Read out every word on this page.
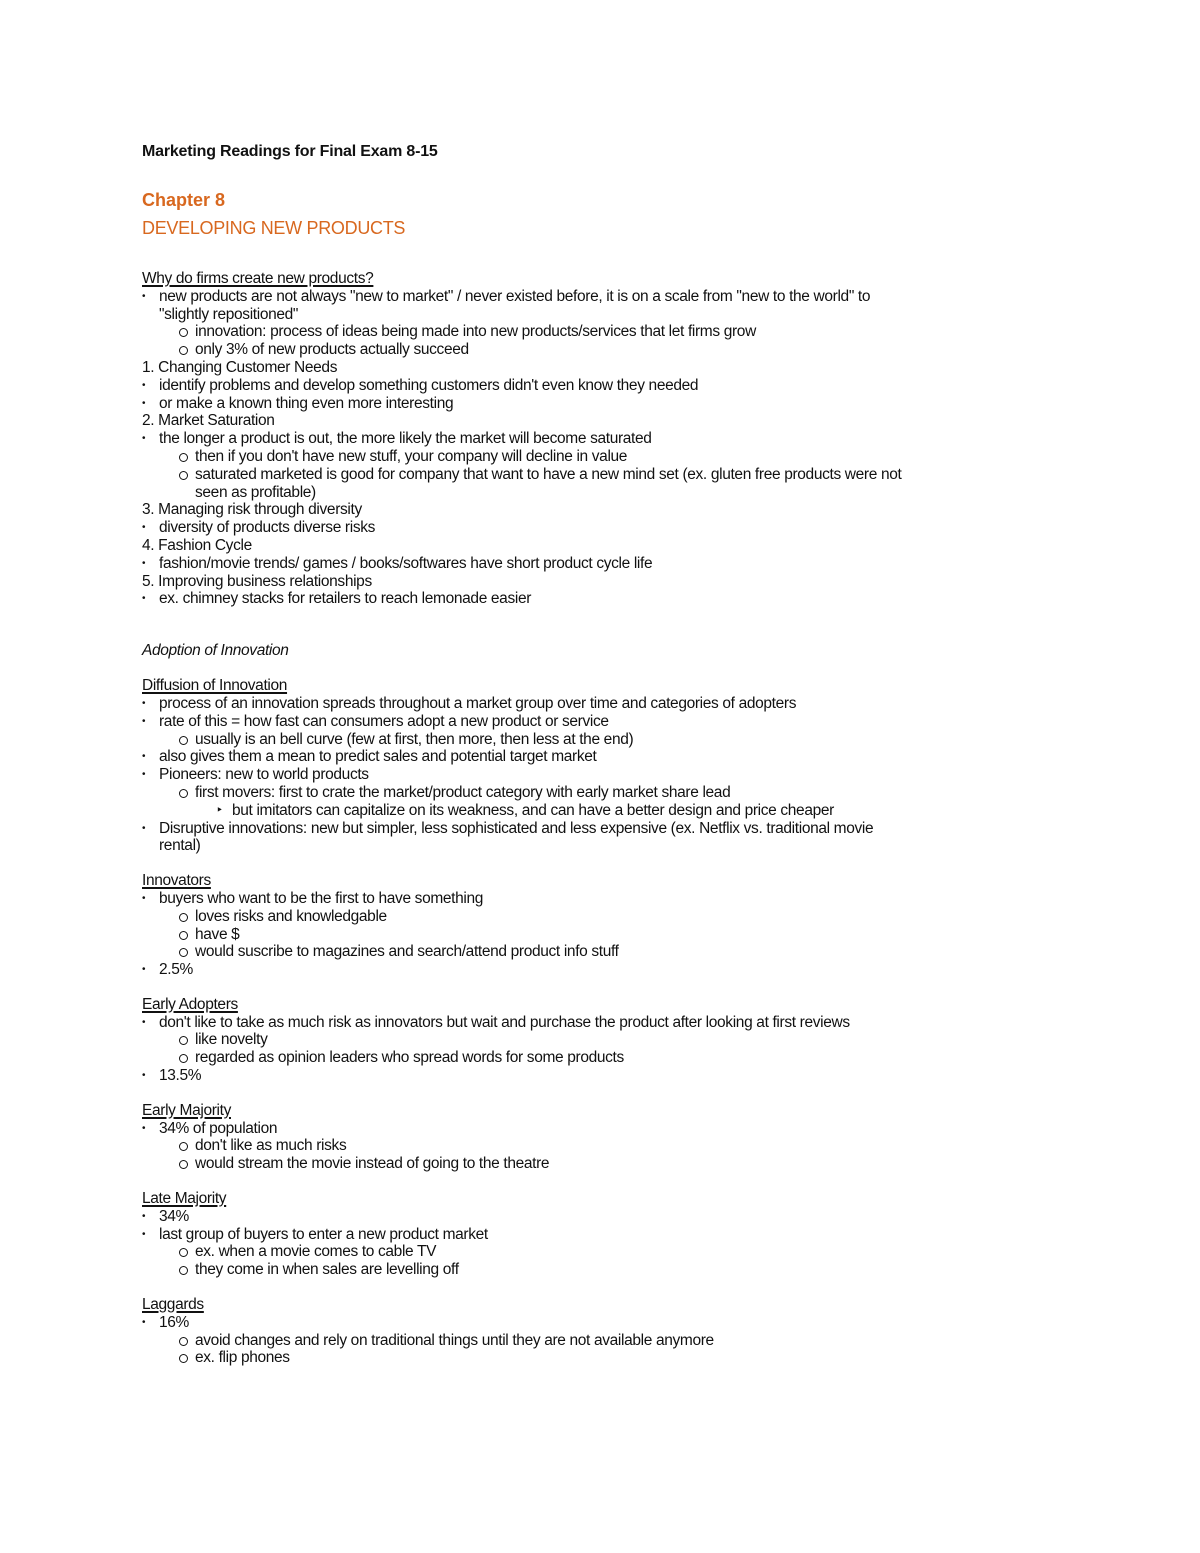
Marketing Readings for Final Exam 8-15
Chapter 8
DEVELOPING NEW PRODUCTS
Why do firms create new products?
• new products are not always "new to market" / never existed before, it is on a scale from "new to the world" to
"slightly repositioned"
innovation: process of ideas being made into new products/services that let firms grow
only 3% of new products actually succeed
1. Changing Customer Needs
• identify problems and develop something customers didn't even know they needed
• or make a known thing even more interesting
2. Market Saturation
• the longer a product is out, the more likely the market will become saturated
then if you don't have new stuff, your company will decline in value
saturated marketed is good for company that want to have a new mind set (ex. gluten free products were not
seen as profitable)
3. Managing risk through diversity
• diversity of products diverse risks
4. Fashion Cycle
• fashion/movie trends/ games / books/softwares have short product cycle life
5. Improving business relationships
• ex. chimney stacks for retailers to reach lemonade easier
Adoption of Innovation
Diffusion of Innovation
• process of an innovation spreads throughout a market group over time and categories of adopters
• rate of this = how fast can consumers adopt a new product or service
usually is an bell curve (few at first, then more, then less at the end)
• also gives them a mean to predict sales and potential target market
• Pioneers: new to world products
first movers: first to crate the market/product category with early market share lead
‣ but imitators can capitalize on its weakness, and can have a better design and price cheaper
• Disruptive innovations: new but simpler, less sophisticated and less expensive (ex. Netflix vs. traditional movie
rental)
Innovators
• buyers who want to be the first to have something
loves risks and knowledgable
have $
would suscribe to magazines and search/attend product info stuff
• 2.5%
Early Adopters
• don't like to take as much risk as innovators but wait and purchase the product after looking at first reviews
like novelty
regarded as opinion leaders who spread words for some products
• 13.5%
Early Majority
• 34% of population
don't like as much risks
would stream the movie instead of going to the theatre
Late Majority
• 34%
• last group of buyers to enter a new product market
ex. when a movie comes to cable TV
they come in when sales are levelling off
Laggards
• 16%
avoid changes and rely on traditional things until they are not available anymore
ex. flip phones
